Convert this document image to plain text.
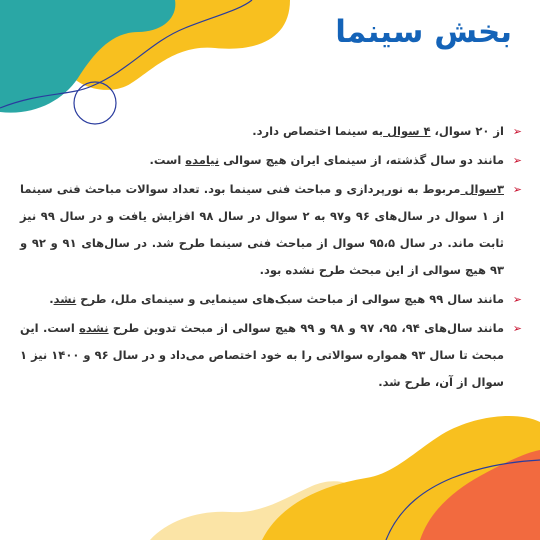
بخش سینما
➢
از ۲۰ سوال، ۴ سوال به سینما اختصاص دارد.
➢
مانند دو سال گذشته، از سینمای ایران هیچ سوالی نیامده است.
➢
۳سوال مربوط به نورپردازی و مباحث فنی سینما بود. تعداد سوالات مباحث فنی سینما از ۱ سوال در سال‌های ۹۶ و۹۷ به ۲ سوال در سال ۹۸ افزایش یافت و در سال ۹۹ نیز ثابت ماند. در سال ۹۵،۵ سوال از مباحث فنی سینما طرح شد. در سال‌های ۹۱ و ۹۲ و ۹۳ هیچ سوالی از این مبحث طرح نشده بود.
➢
مانند سال ۹۹ هیچ سوالی از مباحث سبک‌های سینمایی و سینمای ملل، طرح نشد.
➢
مانند سال‌های ۹۴، ۹۵، ۹۷ و ۹۸ و ۹۹ هیچ سوالی از مبحث تدوین طرح نشده است. این مبحث تا سال ۹۳ همواره سوالاتی را به خود اختصاص می‌داد و در سال ۹۶ و ۱۴۰۰ نیز ۱ سوال از آن، طرح شد.
